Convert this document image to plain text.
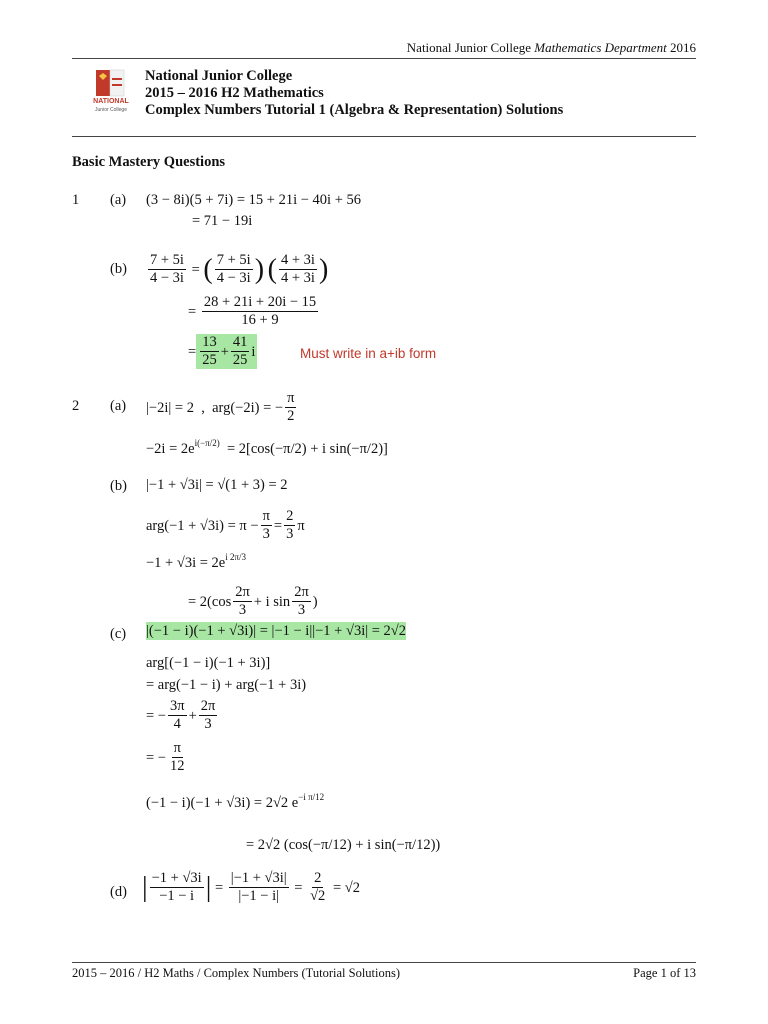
National Junior College Mathematics Department 2016
NATIONAL
Junior College
National Junior College
2015 – 2016 H2 Mathematics
Complex Numbers Tutorial 1 (Algebra & Representation) Solutions
Basic Mastery Questions
1 (a) (3 − 8i)(5 + 7i) = 15 + 21i − 40i + 56
= 71 − 19i
$(b) \frac{7 + 5i}{4 - 3i}$ = ( $\frac{7 + 5i}{4 - 3i}$ )
( $\frac{4 + 3i}{4 + 3i}$ )
= $\frac{28 + 21i + 20i - 15}{16 + 9}$
= $\frac{13}{25} + \frac{41}{25}$ i	Must write in a+ib form
2 (a) |−2i| = 2
,
arg(−2i) = − $\frac{\pi}{2}$
$-2i = 2e^{i(-\pi/2)} = 2[\cos(-\pi/2) + i$ sin(−π/2)]
(b) |−1 + √3i| = √(1 + 3) = 2
$arg(-1 + √3i) = \pi - \frac{\pi}{3} = \frac{2}{3}$ π
$-1 + √3i = 2e^{i 2\pi/3}$
= $2(\cos \frac{2\pi}{3} + i$ $\sin \frac{2\pi}{3}$ )
(c) |(−1 − i)(−1 + √3i)|
= |−1 − i||−1 + √3i|
= 2√2
arg[(−1 − i)(−1 + 3i)]
= arg(−1 − i) + arg(−1 + 3i)
= − $\frac{3\pi}{4} + \frac{2\pi}{3}$
= − $\frac{\pi}{12}$
(−1 − i)(−1 + √3i) = 2√2 $e^{-i \pi/12}$
= 2√2 (cos(−π/12) + i sin(−π/12))
(d) | $\frac{-1 + √3i}{-1 - i}$ | = $\frac{|-1 + √3i|}{|-1 - i|} = \frac{2}{√2}$
= √2
2015 – 2016 / H2 Maths / Complex Numbers (Tutorial Solutions)	Page 1 of 13
